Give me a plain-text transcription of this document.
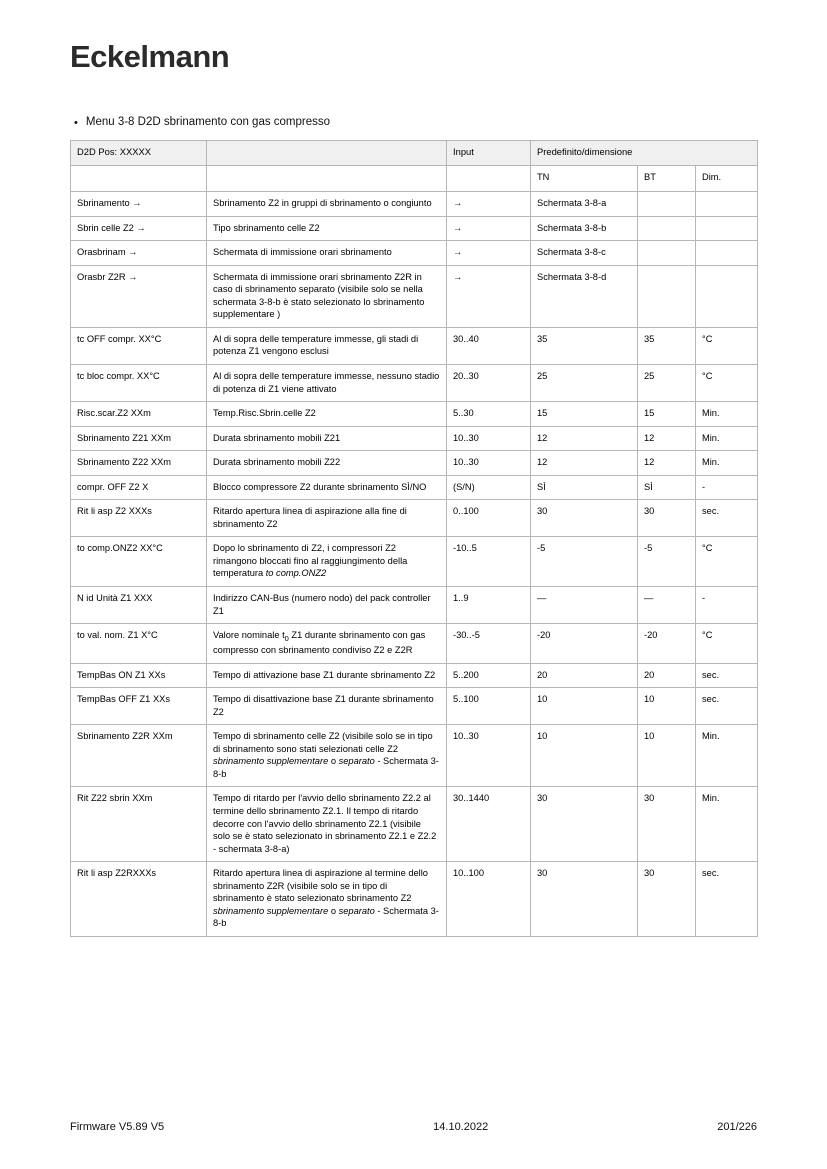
Eckelmann
• Menu 3-8 D2D sbrinamento con gas compresso
D2D Pos: XXXXX		Input	Predefinito/dimensione		
			TN	BT	Dim.
Sbrinamento →	Sbrinamento Z2 in gruppi di sbrinamento o congiunto	→	Schermata 3-8-a		
Sbrin celle Z2 →	Tipo sbrinamento celle Z2	→	Schermata 3-8-b		
Orasbrinam →	Schermata di immissione orari sbrinamento	→	Schermata 3-8-c		
Orasbr Z2R →	Schermata di immissione orari sbrinamento Z2R in caso di sbrinamento separato (visibile solo se nella schermata 3-8-b è stato selezionato lo sbrinamento supplementare )	→	Schermata 3-8-d		
tc OFF compr. XX°C	Al di sopra delle temperature immesse, gli stadi di potenza Z1 vengono esclusi	30..40	35	35	°C
tc bloc compr. XX°C	Al di sopra delle temperature immesse, nessuno stadio di potenza di Z1 viene attivato	20..30	25	25	°C
Risc.scar.Z2 XXm	Temp.Risc.Sbrin.celle Z2	5..30	15	15	Min.
Sbrinamento Z21 XXm	Durata sbrinamento mobili Z21	10..30	12	12	Min.
Sbrinamento Z22 XXm	Durata sbrinamento mobili Z22	10..30	12	12	Min.
compr. OFF Z2 X	Blocco compressore Z2 durante sbrinamento SÌ/NO	(S/N)	SÌ	SÌ	-
Rit li asp Z2 XXXs	Ritardo apertura linea di aspirazione alla fine di sbrinamento Z2	0..100	30	30	sec.
to comp.ONZ2 XX°C	Dopo lo sbrinamento di Z2, i compressori Z2 rimangono bloccati fino al raggiungimento della temperatura to comp.ONZ2	-10..5	-5	-5	°C
N id Unità Z1 XXX	Indirizzo CAN-Bus (numero nodo) del pack controller Z1	1..9	—	—	-
to val. nom. Z1 X°C	Valore nominale $t_0$ Z1 durante sbrinamento con gas compresso con sbrinamento condiviso Z2 e Z2R	-30..-5	-20	-20	°C
TempBas ON Z1 XXs	Tempo di attivazione base Z1 durante sbrinamento Z2	5..200	20	20	sec.
TempBas OFF Z1 XXs	Tempo di disattivazione base Z1 durante sbrinamento Z2	5..100	10	10	sec.
Sbrinamento Z2R XXm	Tempo di sbrinamento celle Z2 (visibile solo se in tipo di sbrinamento sono stati selezionati celle Z2 sbrinamento supplementare o separato - Schermata 3-8-b	10..30	10	10	Min.
Rit Z22 sbrin XXm	Tempo di ritardo per l'avvio dello sbrinamento Z2.2 al termine dello sbrinamento Z2.1. Il tempo di ritardo decorre con l'avvio dello sbrinamento Z2.1 (visibile solo se è stato selezionato in sbrinamento Z2.1 e Z2.2 - schermata 3-8-a)	30..1440	30	30	Min.
Rit li asp Z2RXXXs	Ritardo apertura linea di aspirazione al termine dello sbrinamento Z2R (visibile solo se in tipo di sbrinamento è stato selezionato sbrinamento Z2 sbrinamento supplementare o separato - Schermata 3-8-b	10..100	30	30	sec.
Firmware V5.89 V5	14.10.2022	201/226
